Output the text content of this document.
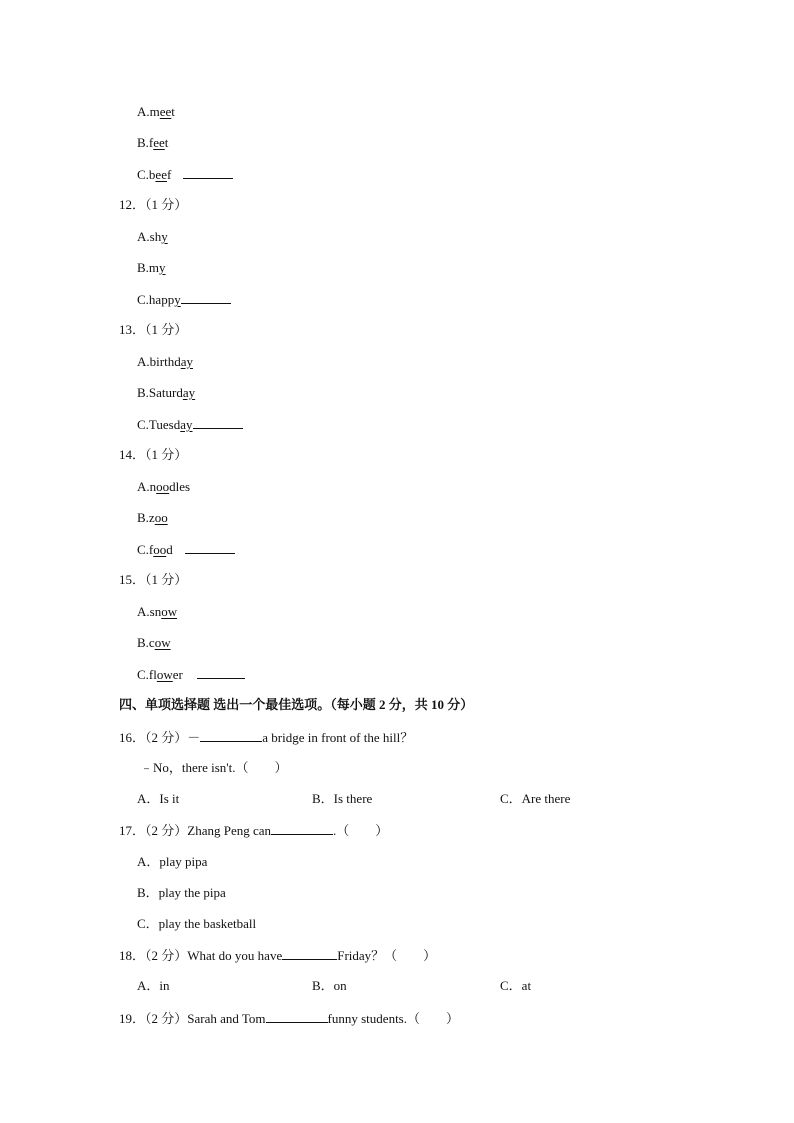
A.meet
B.feet
C.beef
12．（1 分）
A.shy
B.my
C.happy
13．（1 分）
A.birthday
B.Saturday
C.Tuesday
14．（1 分）
A.noodles
B.zoo
C.food
15．（1 分）
A.snow
B.cow
C.flower
四、单项选择题 选出一个最佳选项。（每小题 2 分，共 10 分）
16．（2 分）－	a bridge in front of the hill？
﹣No，there isn't.（　　）
A．Is it	B．Is there	C．Are there
17．（2 分）Zhang Peng can	.（　　）
A．play pipa
B．play the pipa
C．play the basketball
18．（2 分）What do you have	Friday？（　　）
A．in	B．on	C．at
19．（2 分）Sarah and Tom	funny students.（　　）
